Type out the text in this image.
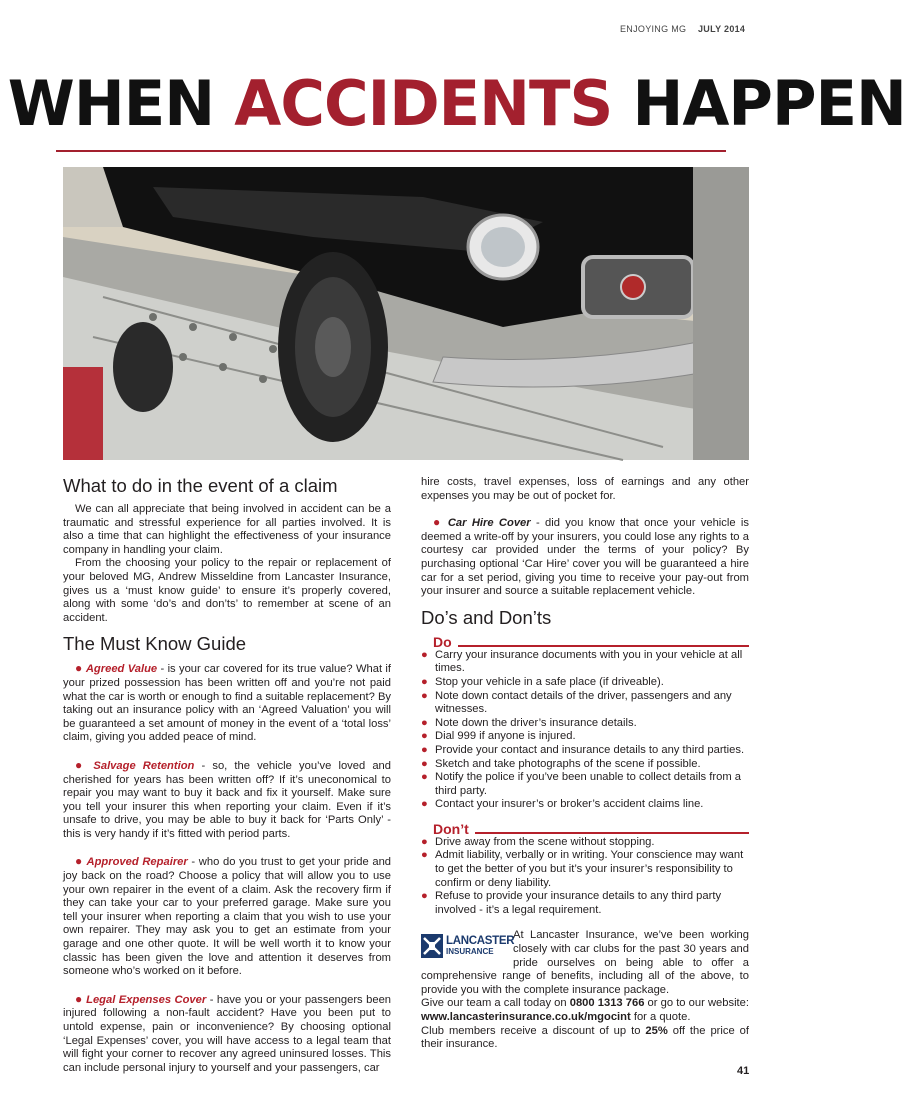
ENJOYING MG JULY 2014
WHEN ACCIDENTS HAPPEN
What to do in the event of a claim

We can all appreciate that being involved in accident can be a traumatic and stressful experience for all parties involved. It is also a time that can highlight the effectiveness of your insurance company in handling your claim.

From the choosing your policy to the repair or replacement of your beloved MG, Andrew Misseldine from Lancaster Insurance, gives us a ‘must know guide’ to ensure it’s properly covered, along with some ‘do’s and don’ts’ to remember at scene of an accident.

The Must Know Guide

● Agreed Value - is your car covered for its true value? What if your prized possession has been written off and you’re not paid what the car is worth or enough to find a suitable replacement? By taking out an insurance policy with an ‘Agreed Valuation’ you will be guaranteed a set amount of money in the event of a ‘total loss’ claim, giving you added peace of mind.

● Salvage Retention - so, the vehicle you’ve loved and cherished for years has been written off? If it’s uneconomical to repair you may want to buy it back and fix it yourself. Make sure you tell your insurer this when reporting your claim. Even if it’s unsafe to drive, you may be able to buy it back for ‘Parts Only’ - this is very handy if it’s fitted with period parts.

● Approved Repairer - who do you trust to get your pride and joy back on the road? Choose a policy that will allow you to use your own repairer in the event of a claim. Ask the recovery firm if they can take your car to your preferred garage. Make sure you tell your insurer when reporting a claim that you wish to use your own repairer. They may ask you to get an estimate from your garage and one other quote. It will be well worth it to know your classic has been given the love and attention it deserves from someone who’s worked on it before.

● Legal Expenses Cover - have you or your passengers been injured following a non-fault accident? Have you been put to untold expense, pain or inconvenience? By choosing optional ‘Legal Expenses’ cover, you will have access to a legal team that will fight your corner to recover any agreed uninsured losses. This can include personal injury to yourself and your passengers, car

hire costs, travel expenses, loss of earnings and any other expenses you may be out of pocket for.

● Car Hire Cover - did you know that once your vehicle is deemed a write-off by your insurers, you could lose any rights to a courtesy car provided under the terms of your policy? By purchasing optional ‘Car Hire’ cover you will be guaranteed a hire car for a set period, giving you time to receive your pay-out from your insurer and source a suitable replacement vehicle.

Do’s and Don’ts
Do
● Carry your insurance documents with you in your vehicle at all times.
● Stop your vehicle in a safe place (if driveable).
● Note down contact details of the driver, passengers and any witnesses.
● Note down the driver’s insurance details.
● Dial 999 if anyone is injured.
● Provide your contact and insurance details to any third parties.
● Sketch and take photographs of the scene if possible.
● Notify the police if you’ve been unable to collect details from a third party.
● Contact your insurer’s or broker’s accident claims line.
Don’t
● Drive away from the scene without stopping.
● Admit liability, verbally or in writing. Your conscience may want to get the better of you but it’s your insurer’s responsibility to confirm or deny liability.
● Refuse to provide your insurance details to any third party involved - it’s a legal requirement.
LANCASTER
INSURANCE

At Lancaster Insurance, we’ve been working closely with car clubs for the past 30 years and pride ourselves on being able to offer a comprehensive range of benefits, including all of the above, to provide you with the complete insurance package.

Give our team a call today on 0800 1313 766 or go to our website: www.lancasterinsurance.co.uk/mgocint for a quote.

Club members receive a discount of up to 25% off the price of their insurance.

41
